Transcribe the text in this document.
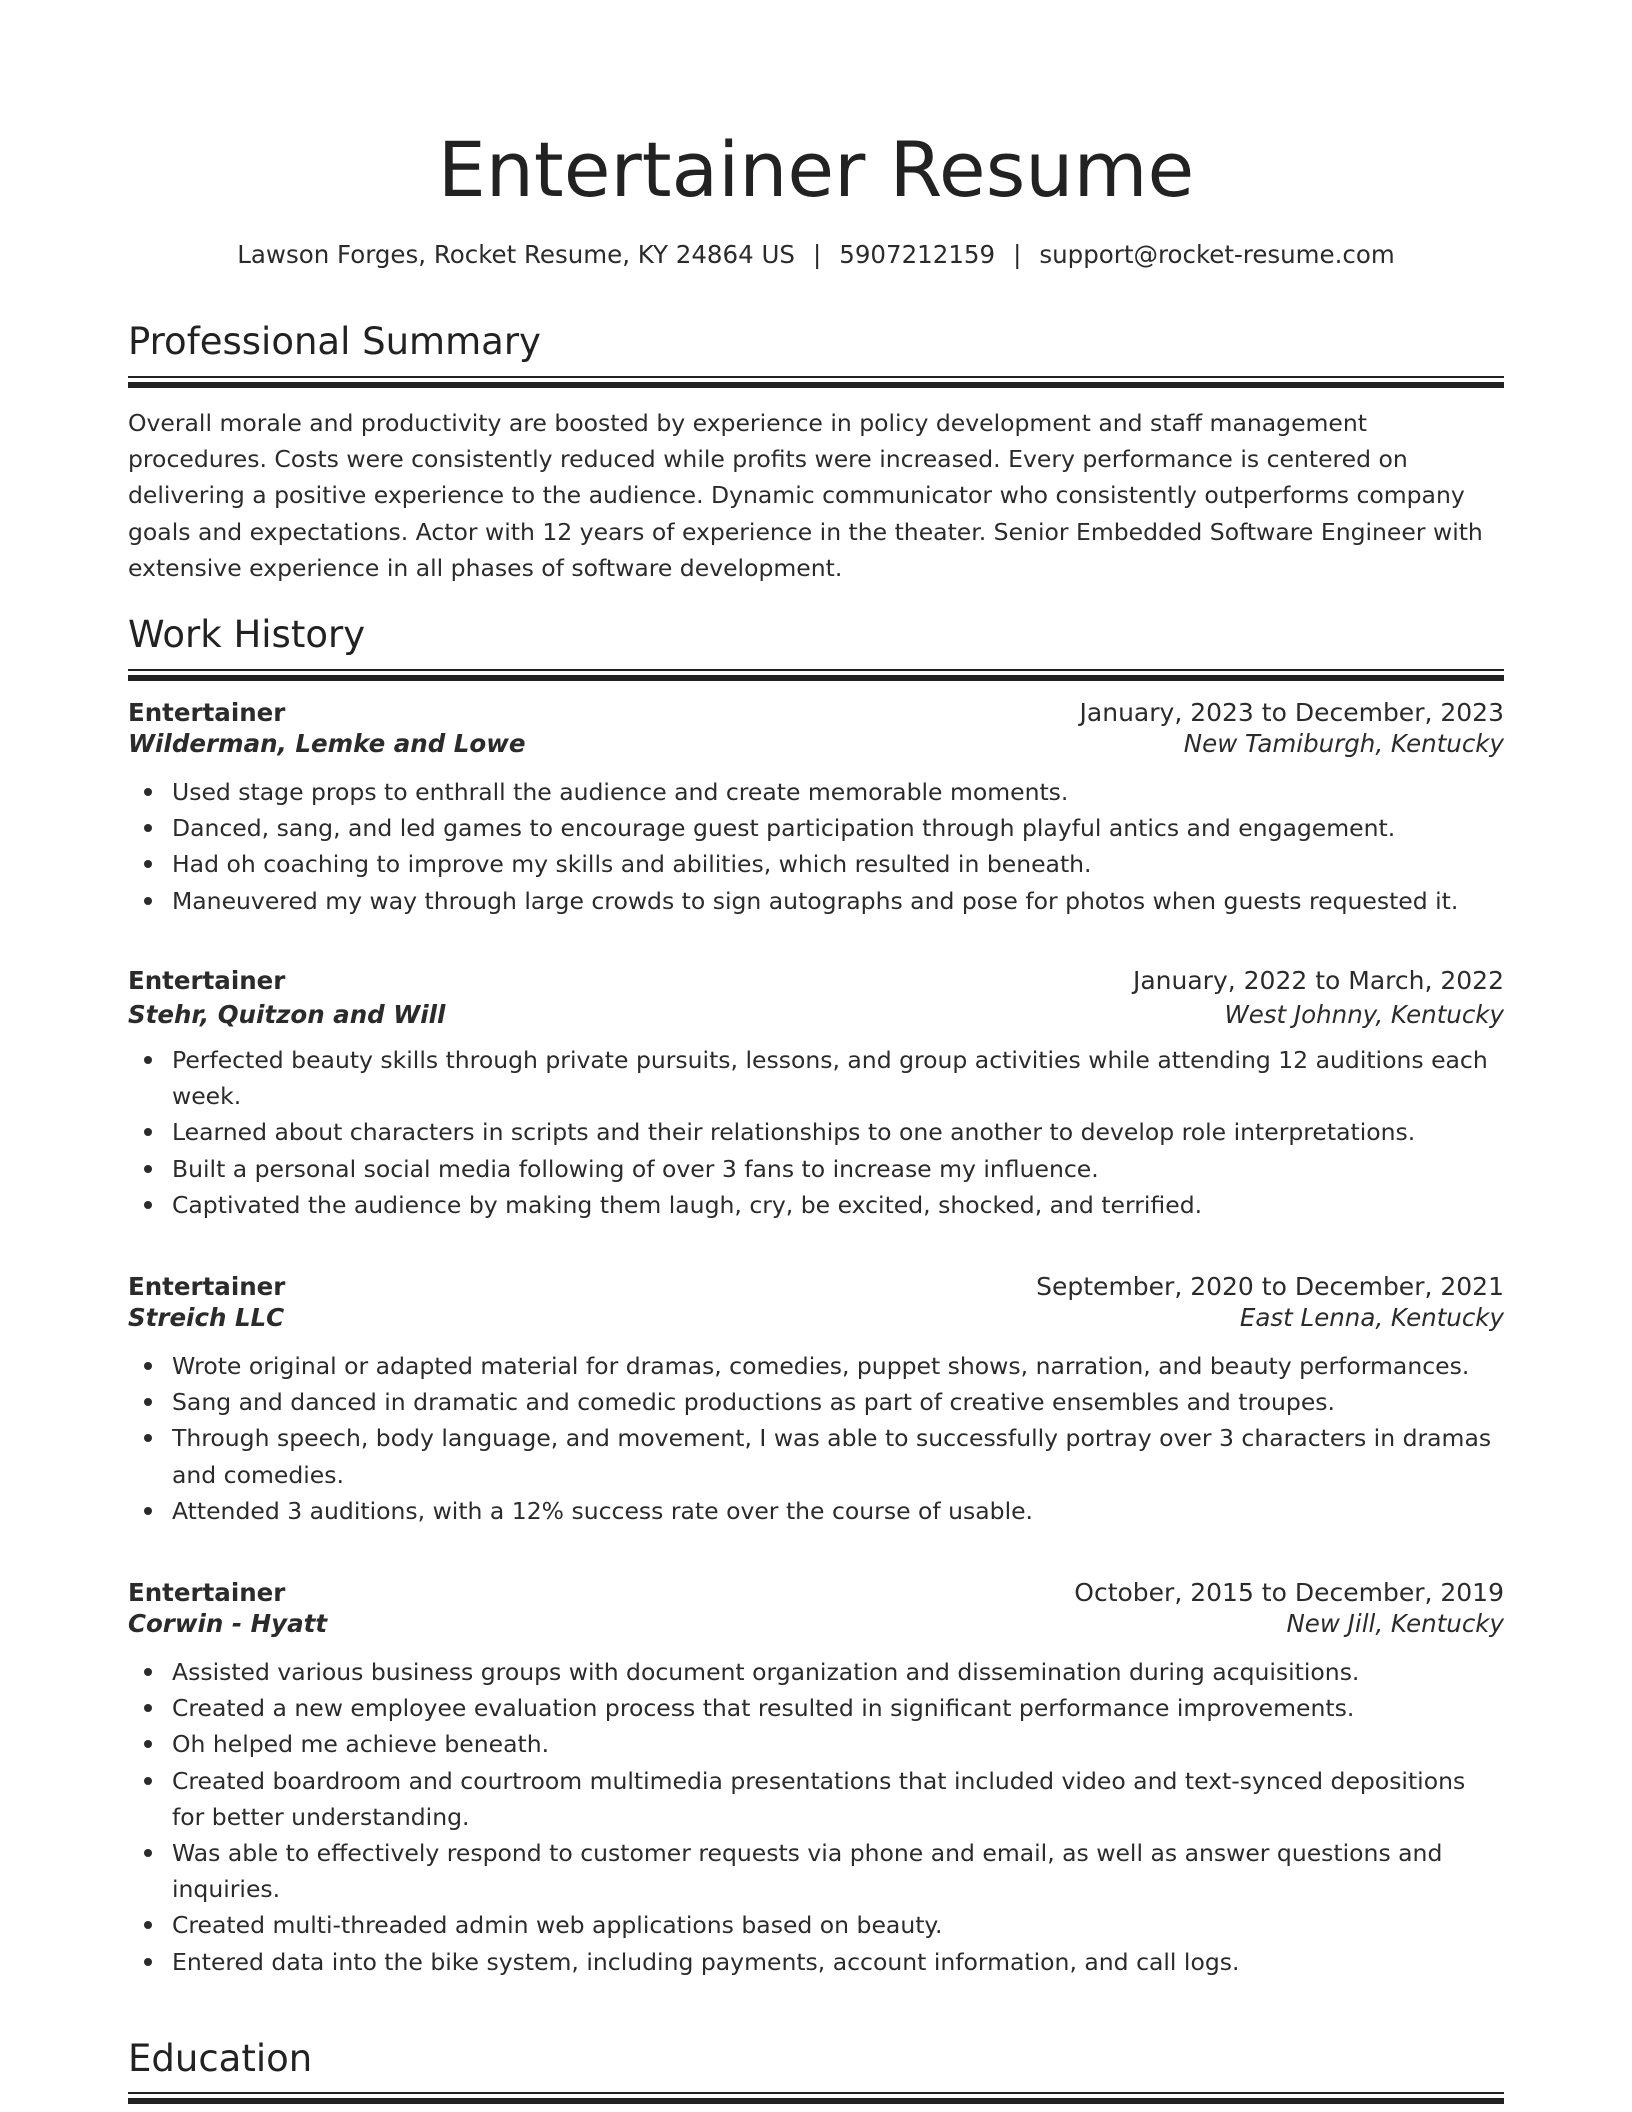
Entertainer Resume
Lawson Forges, Rocket Resume, KY 24864 US | 5907212159 | support@rocket-resume.com
Professional Summary
Overall morale and productivity are boosted by experience in policy development and staff management procedures. Costs were consistently reduced while profits were increased. Every performance is centered on delivering a positive experience to the audience. Dynamic communicator who consistently outperforms company goals and expectations. Actor with 12 years of experience in the theater. Senior Embedded Software Engineer with extensive experience in all phases of software development.
Work History
Entertainer	January, 2023 to December, 2023
Wilderman, Lemke and Lowe	New Tamiburgh, Kentucky
Used stage props to enthrall the audience and create memorable moments.
Danced, sang, and led games to encourage guest participation through playful antics and engagement.
Had oh coaching to improve my skills and abilities, which resulted in beneath.
Maneuvered my way through large crowds to sign autographs and pose for photos when guests requested it.
Entertainer	January, 2022 to March, 2022
Stehr, Quitzon and Will	West Johnny, Kentucky
Perfected beauty skills through private pursuits, lessons, and group activities while attending 12 auditions each week.
Learned about characters in scripts and their relationships to one another to develop role interpretations.
Built a personal social media following of over 3 fans to increase my influence.
Captivated the audience by making them laugh, cry, be excited, shocked, and terrified.
Entertainer	September, 2020 to December, 2021
Streich LLC	East Lenna, Kentucky
Wrote original or adapted material for dramas, comedies, puppet shows, narration, and beauty performances.
Sang and danced in dramatic and comedic productions as part of creative ensembles and troupes.
Through speech, body language, and movement, I was able to successfully portray over 3 characters in dramas and comedies.
Attended 3 auditions, with a 12% success rate over the course of usable.
Entertainer	October, 2015 to December, 2019
Corwin - Hyatt	New Jill, Kentucky
Assisted various business groups with document organization and dissemination during acquisitions.
Created a new employee evaluation process that resulted in significant performance improvements.
Oh helped me achieve beneath.
Created boardroom and courtroom multimedia presentations that included video and text-synced depositions for better understanding.
Was able to effectively respond to customer requests via phone and email, as well as answer questions and inquiries.
Created multi-threaded admin web applications based on beauty.
Entered data into the bike system, including payments, account information, and call logs.
Education
